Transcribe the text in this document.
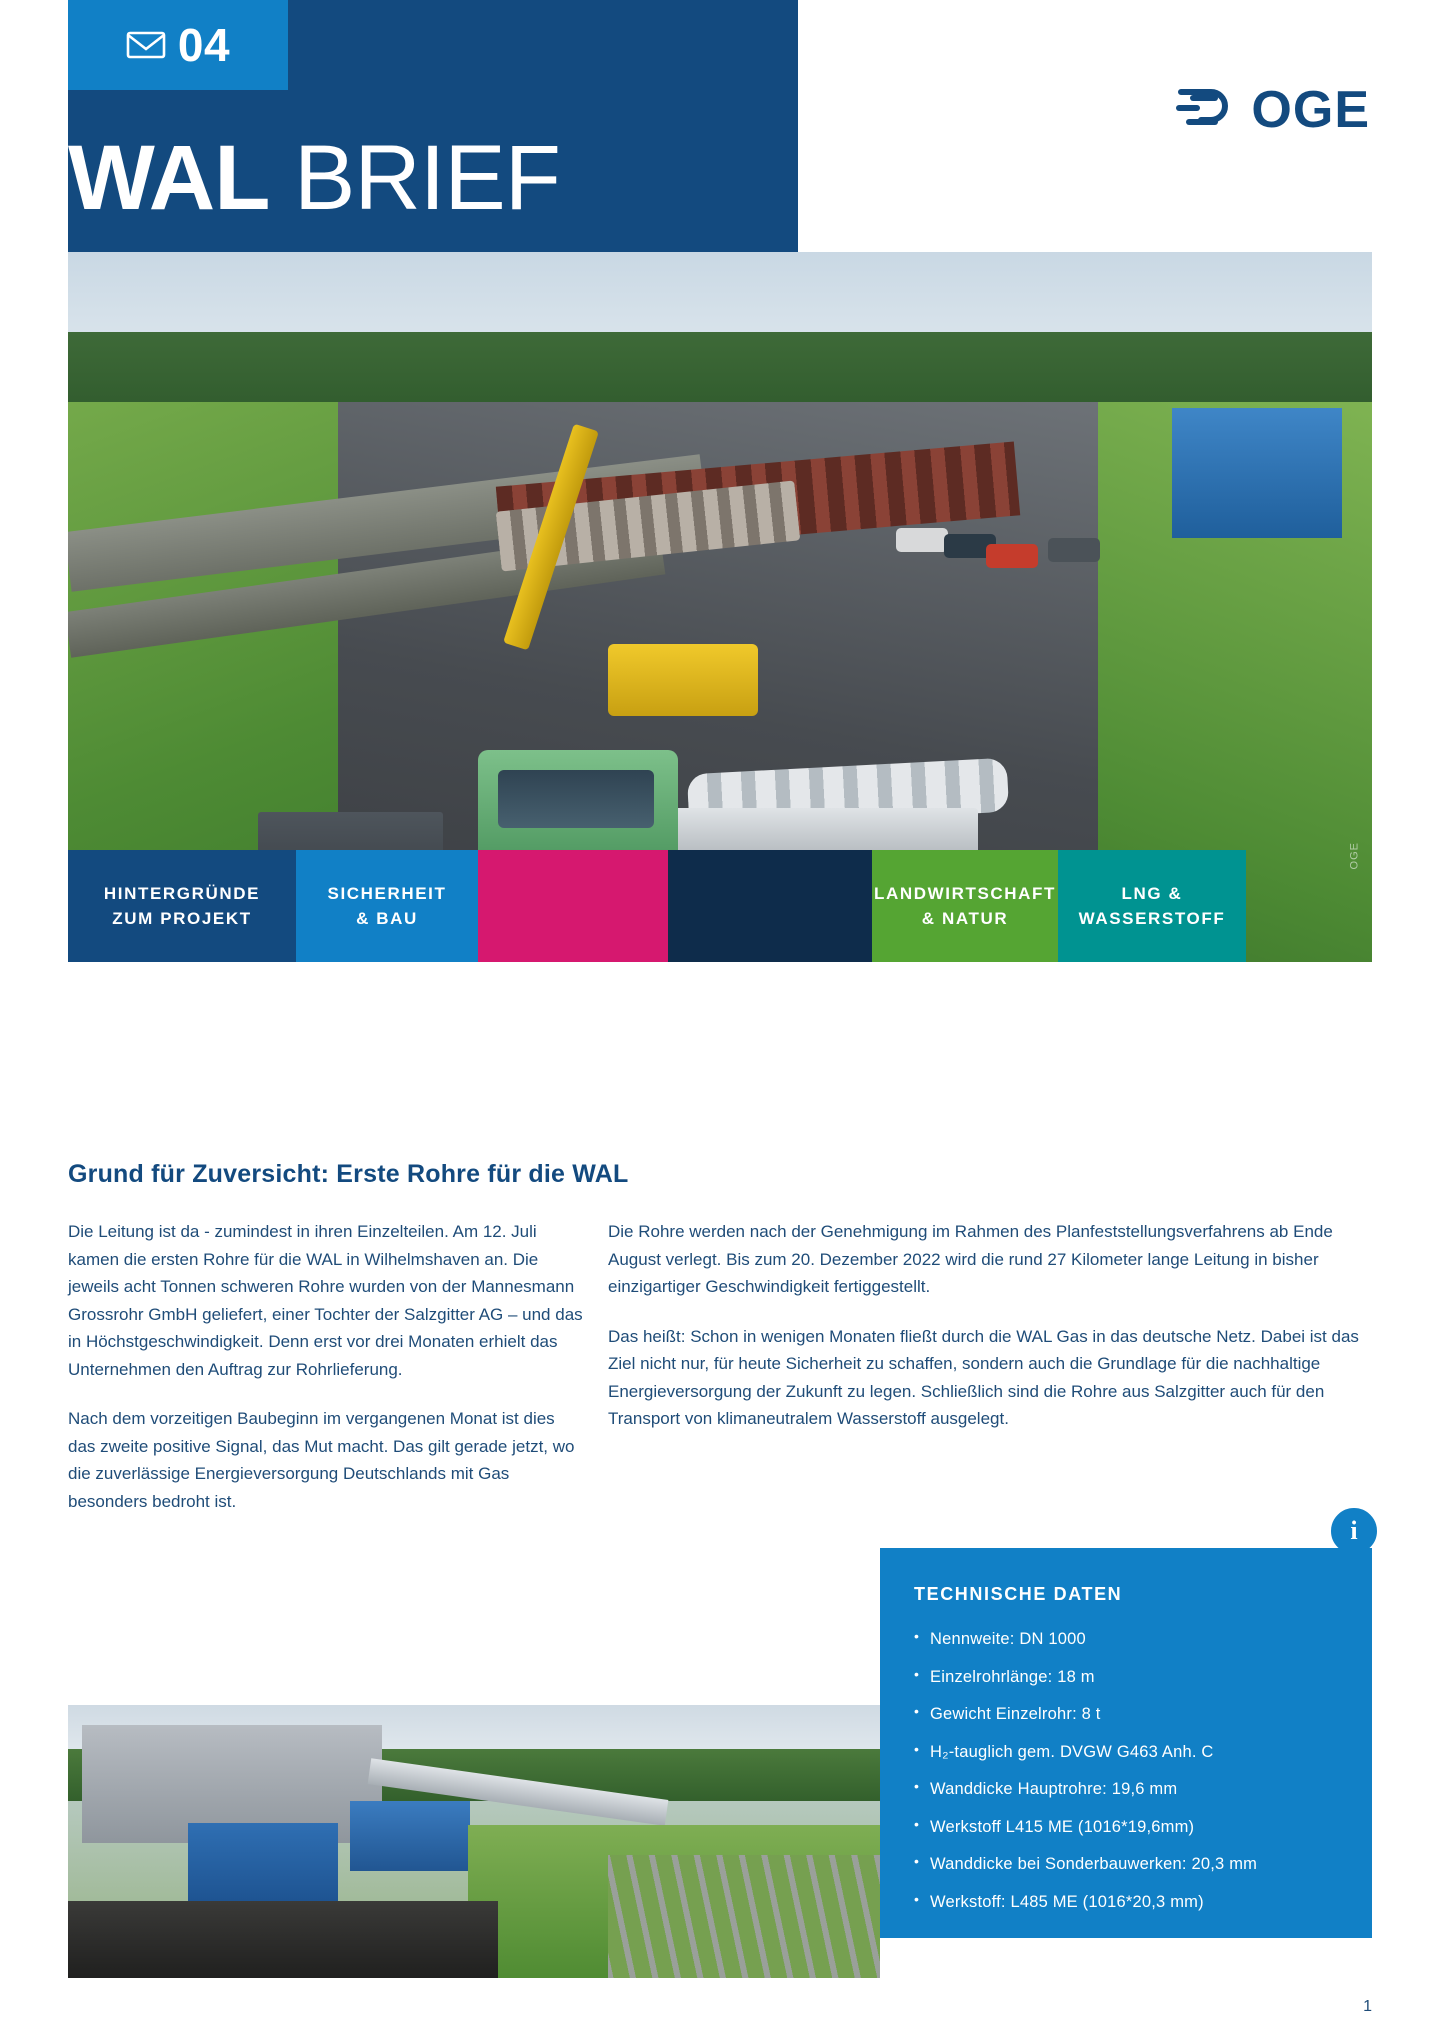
04
WAL BRIEF
OGE
OGE
HINTERGRÜNDE
ZUM PROJEKT
SICHERHEIT
& BAU
LANDWIRTSCHAFT
& NATUR
LNG &
WASSERSTOFF
Grund für Zuversicht: Erste Rohre für die WAL

Die Leitung ist da - zumindest in ihren Einzelteilen. Am 12. Juli kamen die ersten Rohre für die WAL in Wilhelmshaven an. Die jeweils acht Tonnen schweren Rohre wurden von der Mannesmann Grossrohr GmbH geliefert, einer Tochter der Salzgitter AG – und das in Höchstgeschwindigkeit. Denn erst vor drei Monaten erhielt das Unternehmen den Auftrag zur Rohrlieferung.

Nach dem vorzeitigen Baubeginn im vergangenen Monat ist dies das zweite positive Signal, das Mut macht. Das gilt gerade jetzt, wo die zuverlässige Energieversorgung Deutschlands mit Gas besonders bedroht ist.

Die Rohre werden nach der Genehmigung im Rahmen des Planfeststellungsverfahrens ab Ende August verlegt. Bis zum 20. Dezember 2022 wird die rund 27 Kilometer lange Leitung in bisher einzigartiger Geschwindigkeit fertiggestellt.

Das heißt: Schon in wenigen Monaten fließt durch die WAL Gas in das deutsche Netz. Dabei ist das Ziel nicht nur, für heute Sicherheit zu schaffen, sondern auch die Grundlage für die nachhaltige Energieversorgung der Zukunft zu legen. Schließlich sind die Rohre aus Salzgitter auch für den Transport von klimaneutralem Wasserstoff ausgelegt.

i
TECHNISCHE DATEN
• Nennweite: DN 1000
• Einzelrohrlänge: 18 m
• Gewicht Einzelrohr: 8 t
• H₂-tauglich gem. DVGW G463 Anh. C
• Wanddicke Hauptrohre: 19,6 mm
• Werkstoff L415 ME (1016*19,6mm)
• Wanddicke bei Sonderbauwerken: 20,3 mm
• Werkstoff: L485 ME (1016*20,3 mm)
1
